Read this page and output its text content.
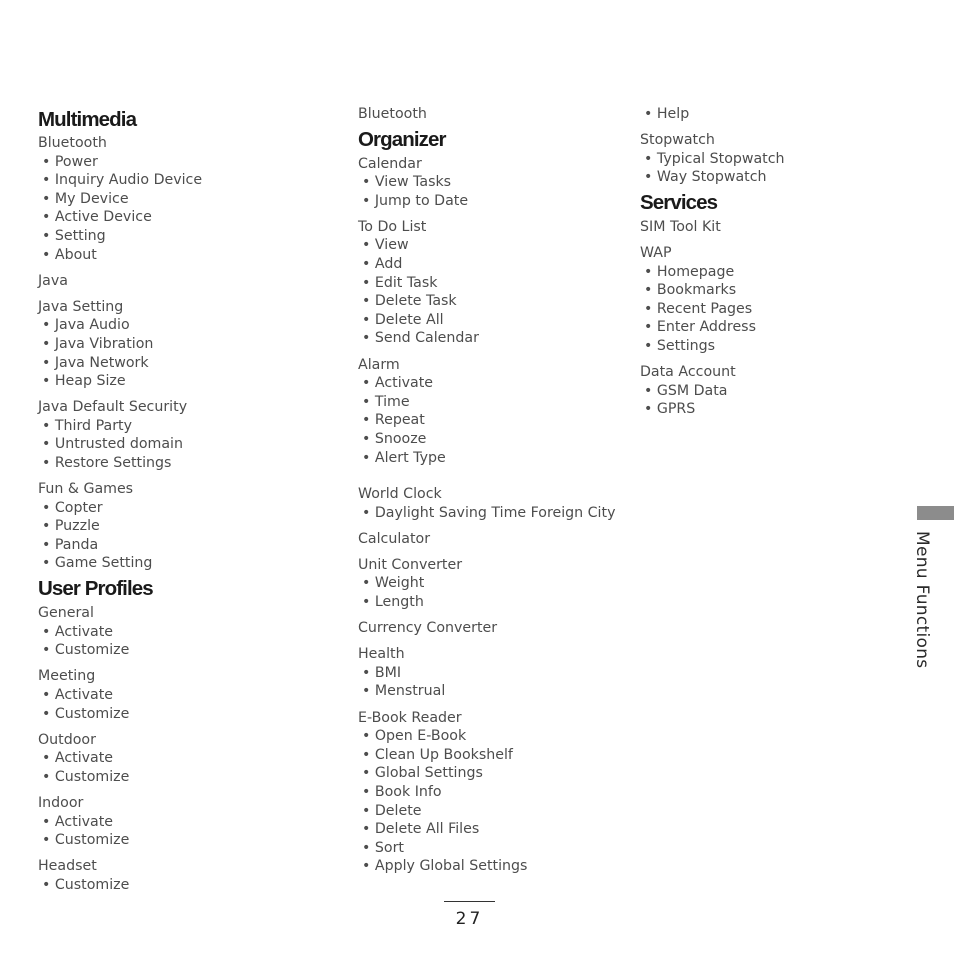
Multimedia
Bluetooth
• Power
• Inquiry Audio Device
• My Device
• Active Device
• Setting
• About
Java
Java Setting
• Java Audio
• Java Vibration
• Java Network
• Heap Size
Java Default Security
• Third Party
• Untrusted domain
• Restore Settings
Fun & Games
• Copter
• Puzzle
• Panda
• Game Setting
User Profiles
General
• Activate
• Customize
Meeting
• Activate
• Customize
Outdoor
• Activate
• Customize
Indoor
• Activate
• Customize
Headset
• Customize
Bluetooth
Organizer
Calendar
• View Tasks
• Jump to Date
To Do List
• View
• Add
• Edit Task
• Delete Task
• Delete All
• Send Calendar
Alarm
• Activate
• Time
• Repeat
• Snooze
• Alert Type
World Clock
• Daylight Saving Time Foreign City
Calculator
Unit Converter
• Weight
• Length
Currency Converter
Health
• BMI
• Menstrual
E-Book Reader
• Open E-Book
• Clean Up Bookshelf
• Global Settings
• Book Info
• Delete
• Delete All Files
• Sort
• Apply Global Settings
• Help
Stopwatch
• Typical Stopwatch
• Way Stopwatch
Services
SIM Tool Kit
WAP
• Homepage
• Bookmarks
• Recent Pages
• Enter Address
• Settings
Data Account
• GSM Data
• GPRS
Menu Functions
27
